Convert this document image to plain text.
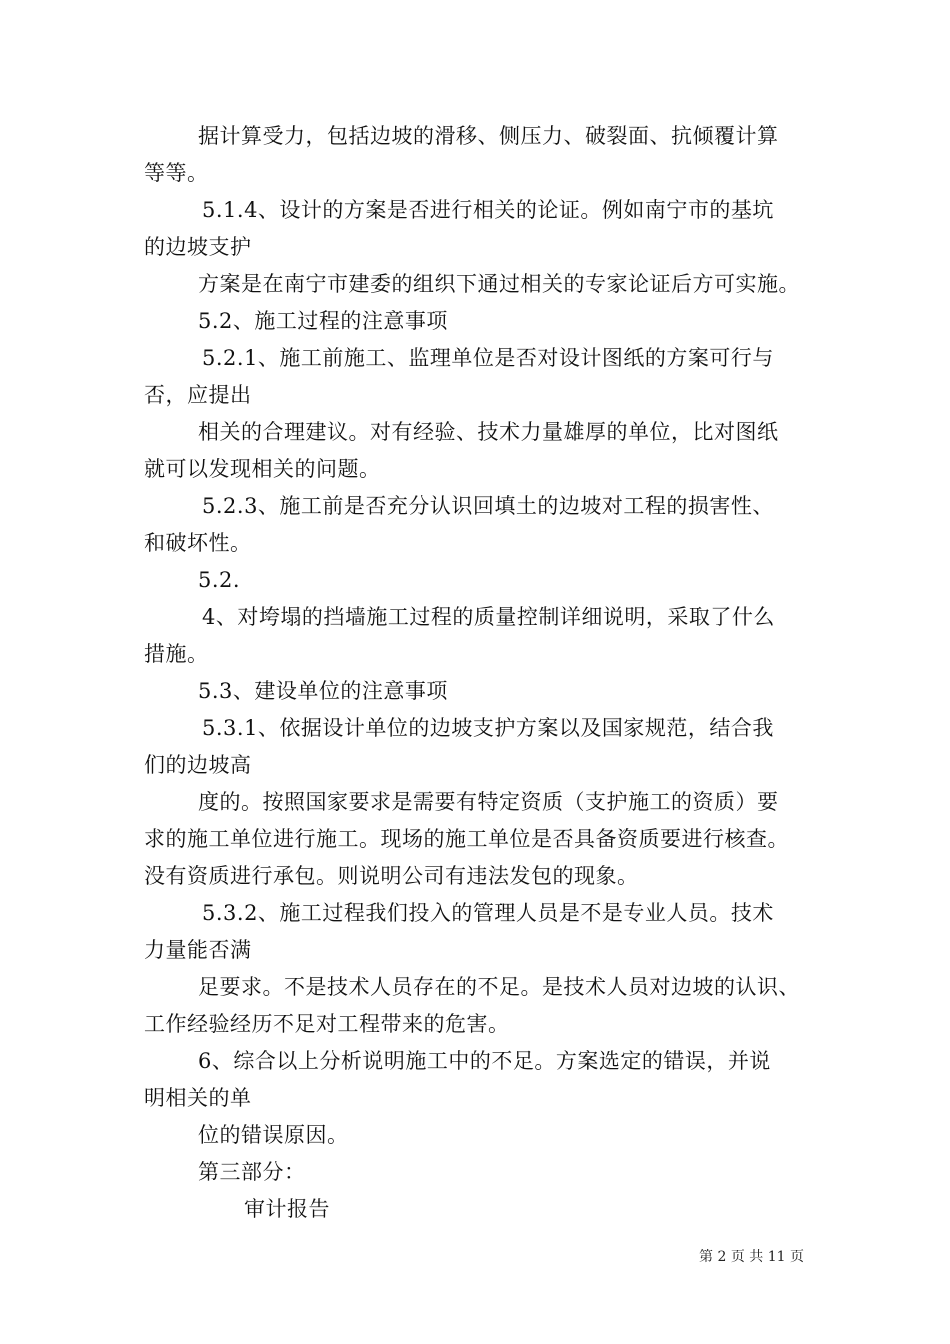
据计算受力，包括边坡的滑移、侧压力、破裂面、抗倾覆计算
等等。
5.1.4、设计的方案是否进行相关的论证。例如南宁市的基坑
的边坡支护
方案是在南宁市建委的组织下通过相关的专家论证后方可实施。
5.2、施工过程的注意事项
5.2.1、施工前施工、监理单位是否对设计图纸的方案可行与
否，应提出
相关的合理建议。对有经验、技术力量雄厚的单位，比对图纸
就可以发现相关的问题。
5.2.3、施工前是否充分认识回填土的边坡对工程的损害性、
和破坏性。
5.2.
4、对垮塌的挡墙施工过程的质量控制详细说明，采取了什么
措施。
5.3、建设单位的注意事项
5.3.1、依据设计单位的边坡支护方案以及国家规范，结合我
们的边坡高
度的。按照国家要求是需要有特定资质（支护施工的资质）要
求的施工单位进行施工。现场的施工单位是否具备资质要进行核查。
没有资质进行承包。则说明公司有违法发包的现象。
5.3.2、施工过程我们投入的管理人员是不是专业人员。技术
力量能否满
足要求。不是技术人员存在的不足。是技术人员对边坡的认识、
工作经验经历不足对工程带来的危害。
6、综合以上分析说明施工中的不足。方案选定的错误，并说
明相关的单
位的错误原因。
第三部分：
审计报告
第 2 页 共 11 页
